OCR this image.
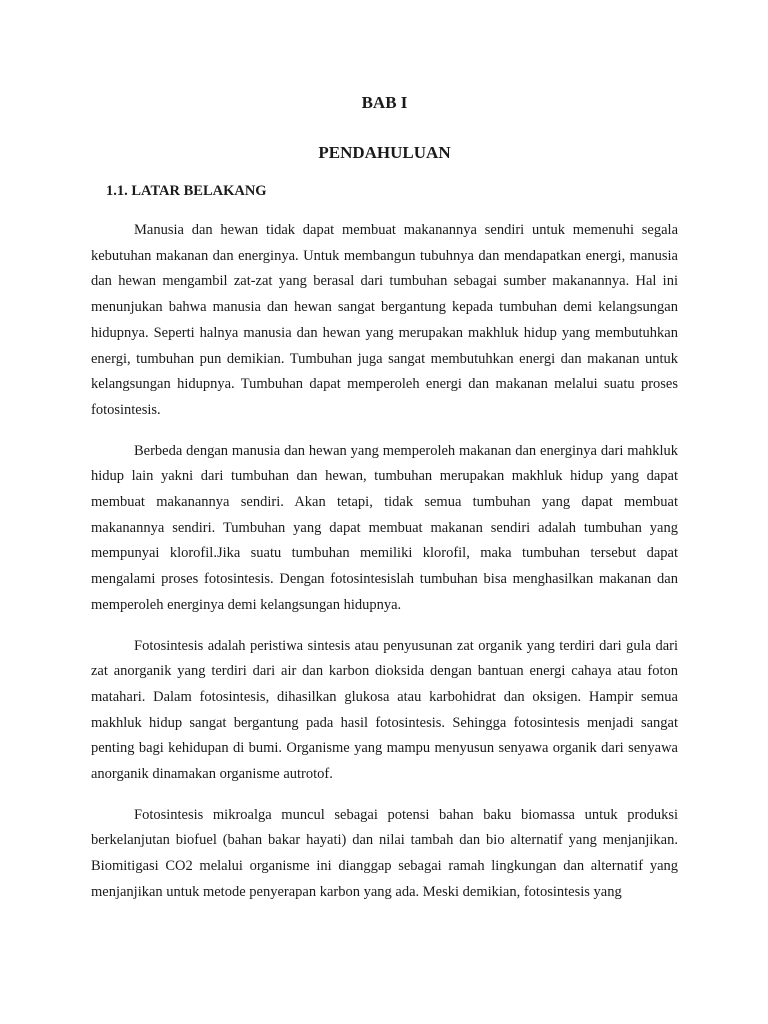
BAB I
PENDAHULUAN
1.1. LATAR BELAKANG

Manusia dan hewan tidak dapat membuat makanannya sendiri untuk memenuhi segala kebutuhan makanan dan energinya. Untuk membangun tubuhnya dan mendapatkan energi, manusia dan hewan mengambil zat-zat yang berasal dari tumbuhan sebagai sumber makanannya. Hal ini menunjukan bahwa manusia dan hewan sangat bergantung kepada tumbuhan demi kelangsungan hidupnya. Seperti halnya manusia dan hewan yang merupakan makhluk hidup yang membutuhkan energi, tumbuhan pun demikian. Tumbuhan juga sangat membutuhkan energi dan makanan untuk kelangsungan hidupnya. Tumbuhan dapat memperoleh energi dan makanan melalui suatu proses fotosintesis.

Berbeda dengan manusia dan hewan yang memperoleh makanan dan energinya dari mahkluk hidup lain yakni dari tumbuhan dan hewan, tumbuhan merupakan makhluk hidup yang dapat membuat makanannya sendiri. Akan tetapi, tidak semua tumbuhan yang dapat membuat makanannya sendiri. Tumbuhan yang dapat membuat makanan sendiri adalah tumbuhan yang mempunyai klorofil.Jika suatu tumbuhan memiliki klorofil, maka tumbuhan tersebut dapat mengalami proses fotosintesis. Dengan fotosintesislah tumbuhan bisa menghasilkan makanan dan memperoleh energinya demi kelangsungan hidupnya.

Fotosintesis adalah peristiwa sintesis atau penyusunan zat organik yang terdiri dari gula dari zat anorganik yang terdiri dari air dan karbon dioksida dengan bantuan energi cahaya atau foton matahari. Dalam fotosintesis, dihasilkan glukosa atau karbohidrat dan oksigen. Hampir semua makhluk hidup sangat bergantung pada hasil fotosintesis. Sehingga fotosintesis menjadi sangat penting bagi kehidupan di bumi. Organisme yang mampu menyusun senyawa organik dari senyawa anorganik dinamakan organisme autrotof.

Fotosintesis mikroalga muncul sebagai potensi bahan baku biomassa untuk produksi berkelanjutan biofuel (bahan bakar hayati) dan nilai tambah dan bio alternatif yang menjanjikan. Biomitigasi CO2 melalui organisme ini dianggap sebagai ramah lingkungan dan alternatif yang menjanjikan untuk metode penyerapan karbon yang ada. Meski demikian, fotosintesis yang
